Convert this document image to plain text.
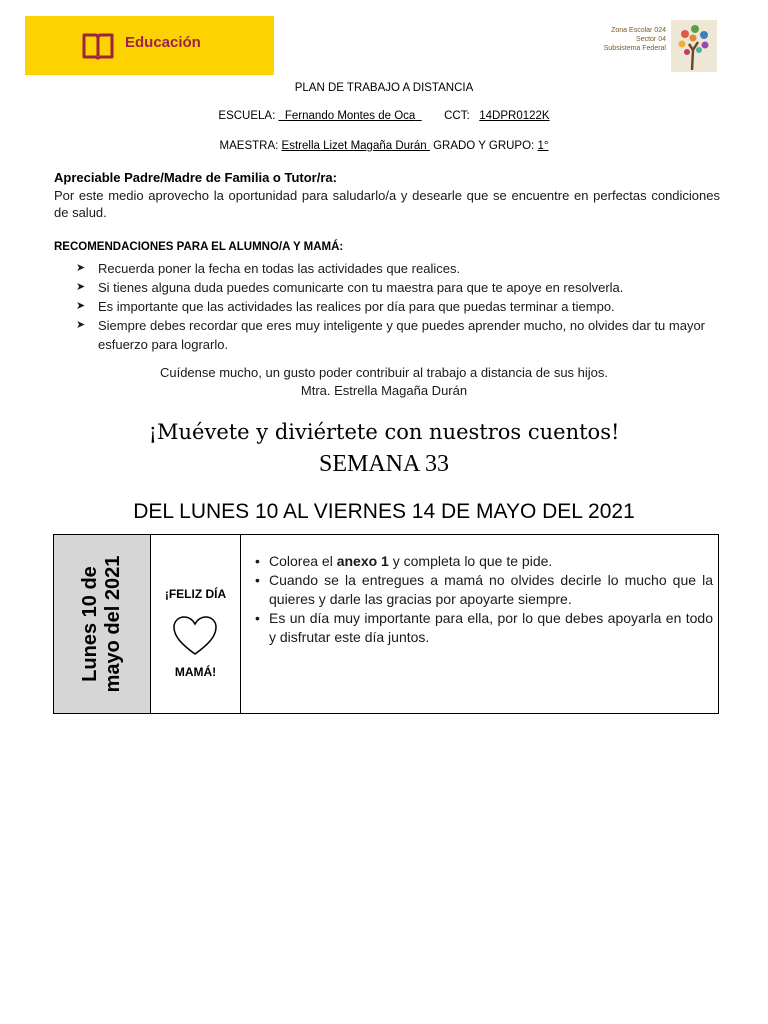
Educación
Zona Escolar 024
Sector 04
Subsistema Federal
PLAN DE TRABAJO A DISTANCIA
ESCUELA: Fernando Montes de Oca	CCT: 14DPR0122K
MAESTRA: Estrella Lizet Magaña Durán GRADO Y GRUPO: 1°
Apreciable Padre/Madre de Familia o Tutor/ra:
Por este medio aprovecho la oportunidad para saludarlo/a y desearle que se encuentre en perfectas condiciones de salud.
RECOMENDACIONES PARA EL ALUMNO/A Y MAMÁ:
➤ Recuerda poner la fecha en todas las actividades que realices.
➤ Si tienes alguna duda puedes comunicarte con tu maestra para que te apoye en resolverla.
➤ Es importante que las actividades las realices por día para que puedas terminar a tiempo.
➤ Siempre debes recordar que eres muy inteligente y que puedes aprender mucho, no olvides dar tu mayor esfuerzo para lograrlo.
Cuídense mucho, un gusto poder contribuir al trabajo a distancia de sus hijos.
Mtra. Estrella Magaña Durán
¡Muévete y diviértete con nuestros cuentos!
SEMANA 33
DEL LUNES 10 AL VIERNES 14 DE MAYO DEL 2021
Lunes 10 de mayo del 2021	¡FELIZ DÍA
MAMÁ!
• Colorea el anexo 1 y completa lo que te pide.
• Cuando se la entregues a mamá no olvides decirle lo mucho que la quieres y darle las gracias por apoyarte siempre.
• Es un día muy importante para ella, por lo que debes apoyarla en todo y disfrutar este día juntos.
